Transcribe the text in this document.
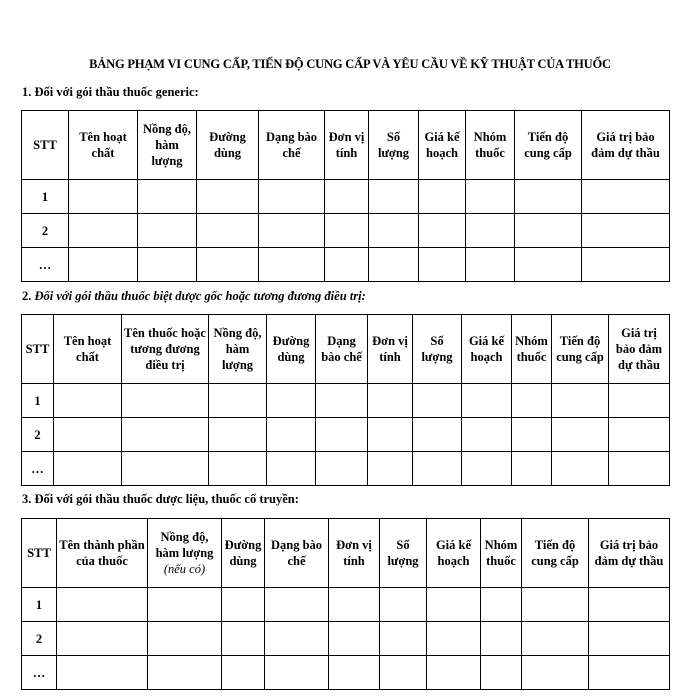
BẢNG PHẠM VI CUNG CẤP, TIẾN ĐỘ CUNG CẤP VÀ YÊU CẦU VỀ KỸ THUẬT CỦA THUỐC
1. Đối với gói thầu thuốc generic:
STT	Tên hoạt chất	Nồng độ, hàm lượng	Đường dùng	Dạng bào chế	Đơn vị tính	Số lượng	Giá kế hoạch	Nhóm thuốc	Tiến độ cung cấp	Giá trị bảo đảm dự thầu
1										
2										
…										
2. Đối với gói thầu thuốc biệt dược gốc hoặc tương đương điều trị:
STT	Tên hoạt chất	Tên thuốc hoặc tương đương điều trị	Nồng độ, hàm lượng	Đường dùng	Dạng bào chế	Đơn vị tính	Số lượng	Giá kế hoạch	Nhóm thuốc	Tiến độ cung cấp	Giá trị bảo đảm dự thầu
1											
2											
…											
3. Đối với gói thầu thuốc dược liệu, thuốc cổ truyền:
STT	Tên thành phần của thuốc	Nồng độ, hàm lượng
(nếu có)	Đường dùng	Dạng bào chế	Đơn vị tính	Số lượng	Giá kế hoạch	Nhóm thuốc	Tiến độ cung cấp	Giá trị bảo đảm dự thầu
1										
2										
…										
